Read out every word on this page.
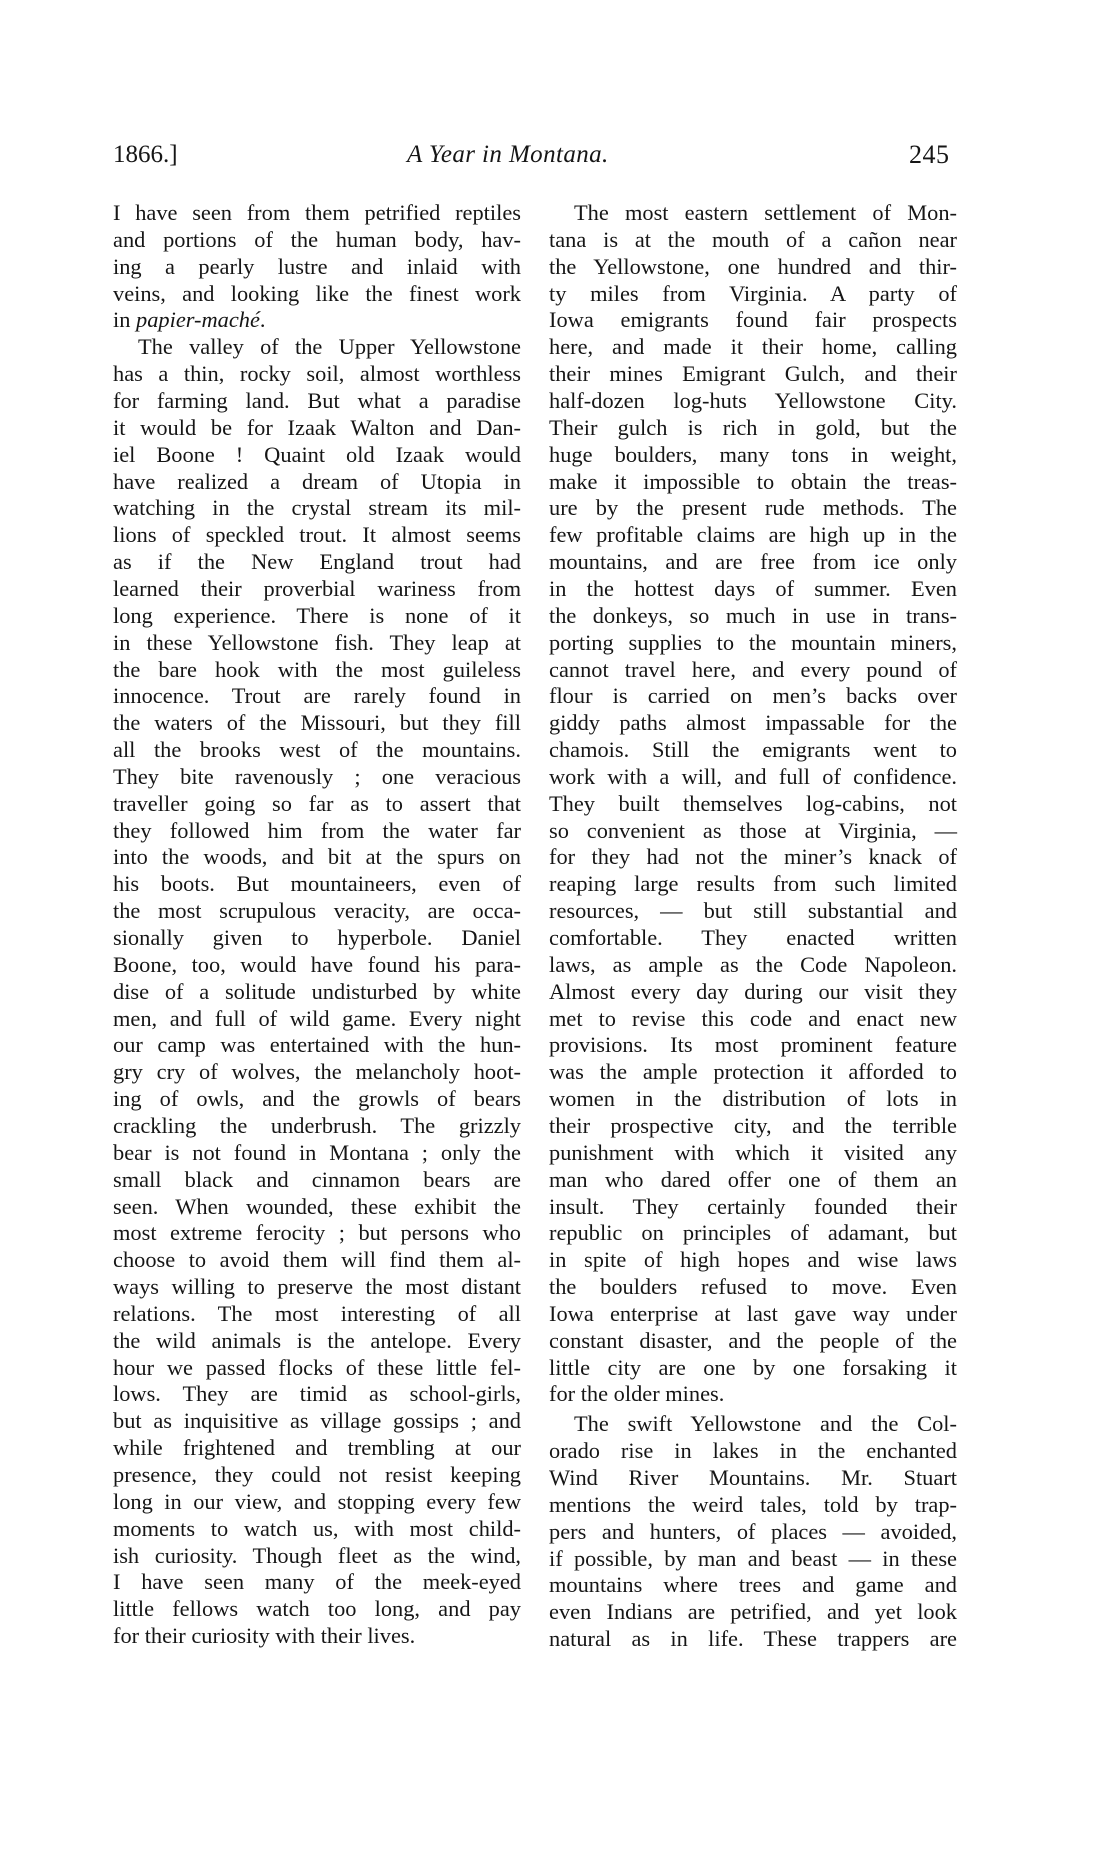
1866.]	A Year in Montana.	245
I have seen from them petrified reptiles
and portions of the human body, hav-
ing a pearly lustre and inlaid with
veins, and looking like the finest work
in papier-maché.
The valley of the Upper Yellowstone
has a thin, rocky soil, almost worthless
for farming land. But what a paradise
it would be for Izaak Walton and Dan-
iel Boone ! Quaint old Izaak would
have realized a dream of Utopia in
watching in the crystal stream its mil-
lions of speckled trout. It almost seems
as if the New England trout had
learned their proverbial wariness from
long experience. There is none of it
in these Yellowstone fish. They leap at
the bare hook with the most guileless
innocence. Trout are rarely found in
the waters of the Missouri, but they fill
all the brooks west of the mountains.
They bite ravenously ; one veracious
traveller going so far as to assert that
they followed him from the water far
into the woods, and bit at the spurs on
his boots. But mountaineers, even of
the most scrupulous veracity, are occa-
sionally given to hyperbole. Daniel
Boone, too, would have found his para-
dise of a solitude undisturbed by white
men, and full of wild game. Every night
our camp was entertained with the hun-
gry cry of wolves, the melancholy hoot-
ing of owls, and the growls of bears
crackling the underbrush. The grizzly
bear is not found in Montana ; only the
small black and cinnamon bears are
seen. When wounded, these exhibit the
most extreme ferocity ; but persons who
choose to avoid them will find them al-
ways willing to preserve the most distant
relations. The most interesting of all
the wild animals is the antelope. Every
hour we passed flocks of these little fel-
lows. They are timid as school-girls,
but as inquisitive as village gossips ; and
while frightened and trembling at our
presence, they could not resist keeping
long in our view, and stopping every few
moments to watch us, with most child-
ish curiosity. Though fleet as the wind,
I have seen many of the meek-eyed
little fellows watch too long, and pay
for their curiosity with their lives.
The most eastern settlement of Mon-
tana is at the mouth of a cañon near
the Yellowstone, one hundred and thir-
ty miles from Virginia. A party of
Iowa emigrants found fair prospects
here, and made it their home, calling
their mines Emigrant Gulch, and their
half-dozen log-huts Yellowstone City.
Their gulch is rich in gold, but the
huge boulders, many tons in weight,
make it impossible to obtain the treas-
ure by the present rude methods. The
few profitable claims are high up in the
mountains, and are free from ice only
in the hottest days of summer. Even
the donkeys, so much in use in trans-
porting supplies to the mountain miners,
cannot travel here, and every pound of
flour is carried on men’s backs over
giddy paths almost impassable for the
chamois. Still the emigrants went to
work with a will, and full of confidence.
They built themselves log-cabins, not
so convenient as those at Virginia, —
for they had not the miner’s knack of
reaping large results from such limited
resources, — but still substantial and
comfortable. They enacted written
laws, as ample as the Code Napoleon.
Almost every day during our visit they
met to revise this code and enact new
provisions. Its most prominent feature
was the ample protection it afforded to
women in the distribution of lots in
their prospective city, and the terrible
punishment with which it visited any
man who dared offer one of them an
insult. They certainly founded their
republic on principles of adamant, but
in spite of high hopes and wise laws
the boulders refused to move. Even
Iowa enterprise at last gave way under
constant disaster, and the people of the
little city are one by one forsaking it
for the older mines.
The swift Yellowstone and the Col-
orado rise in lakes in the enchanted
Wind River Mountains. Mr. Stuart
mentions the weird tales, told by trap-
pers and hunters, of places — avoided,
if possible, by man and beast — in these
mountains where trees and game and
even Indians are petrified, and yet look
natural as in life. These trappers are
